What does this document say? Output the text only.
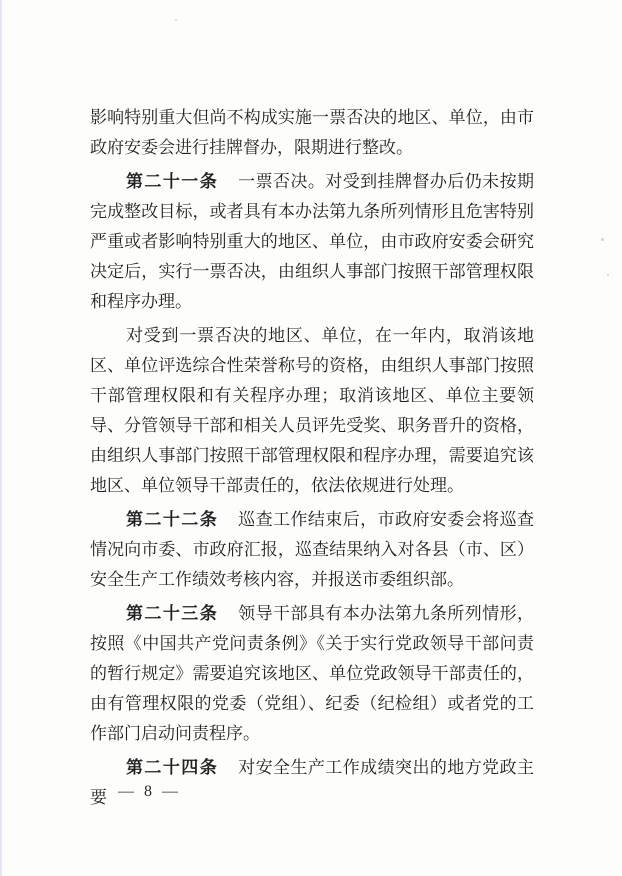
影响特别重大但尚不构成实施一票否决的地区、单位，由市政府安委会进行挂牌督办，限期进行整改。

第二十一条 一票否决。对受到挂牌督办后仍未按期完成整改目标，或者具有本办法第九条所列情形且危害特别严重或者影响特别重大的地区、单位，由市政府安委会研究决定后，实行一票否决，由组织人事部门按照干部管理权限和程序办理。

对受到一票否决的地区、单位，在一年内，取消该地区、单位评选综合性荣誉称号的资格，由组织人事部门按照干部管理权限和有关程序办理；取消该地区、单位主要领导、分管领导干部和相关人员评先受奖、职务晋升的资格，由组织人事部门按照干部管理权限和程序办理，需要追究该地区、单位领导干部责任的，依法依规进行处理。

第二十二条 巡查工作结束后，市政府安委会将巡查情况向市委、市政府汇报，巡查结果纳入对各县（市、区）安全生产工作绩效考核内容，并报送市委组织部。

第二十三条 领导干部具有本办法第九条所列情形，按照《中国共产党问责条例》《关于实行党政领导干部问责的暂行规定》需要追究该地区、单位党政领导干部责任的，由有管理权限的党委（党组）、纪委（纪检组）或者党的工作部门启动问责程序。

第二十四条 对安全生产工作成绩突出的地方党政主要 — 8 —
